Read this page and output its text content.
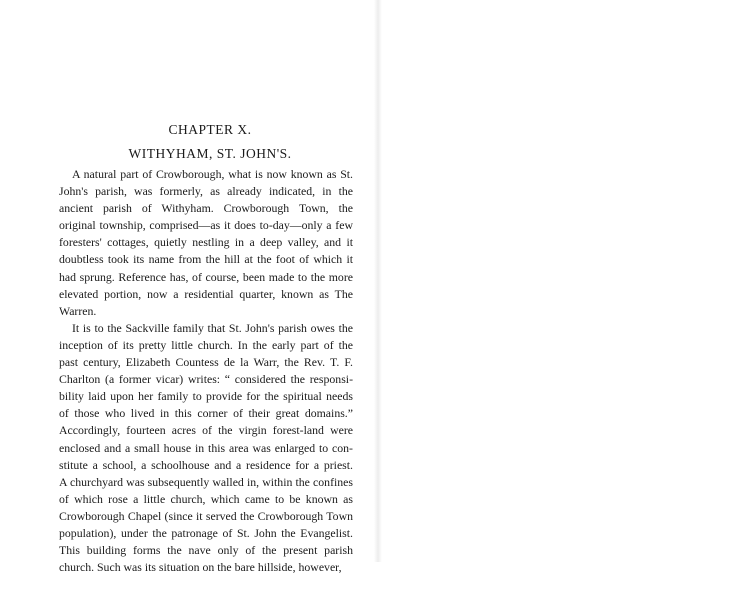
CHAPTER X.
WITHYHAM, ST. JOHN'S.
A natural part of Crowborough, what is now known as St.
John's parish, was formerly, as already indicated, in the
ancient parish of Withyham. Crowborough Town, the
original township, comprised—as it does to-day—only a few
foresters' cottages, quietly nestling in a deep valley, and it
doubtless took its name from the hill at the foot of which it
had sprung. Reference has, of course, been made to the more
elevated portion, now a residential quarter, known as The
Warren.
It is to the Sackville family that St. John's parish owes the
inception of its pretty little church. In the early part of the
past century, Elizabeth Countess de la Warr, the Rev. T. F.
Charlton (a former vicar) writes: “ considered the responsi-
bility laid upon her family to provide for the spiritual needs
of those who lived in this corner of their great domains.”
Accordingly, fourteen acres of the virgin forest-land were
enclosed and a small house in this area was enlarged to con-
stitute a school, a schoolhouse and a residence for a priest.
A churchyard was subsequently walled in, within the confines
of which rose a little church, which came to be known as
Crowborough Chapel (since it served the Crowborough Town
population), under the patronage of St. John the Evangelist.
This building forms the nave only of the present parish
church. Such was its situation on the bare hillside, however,
